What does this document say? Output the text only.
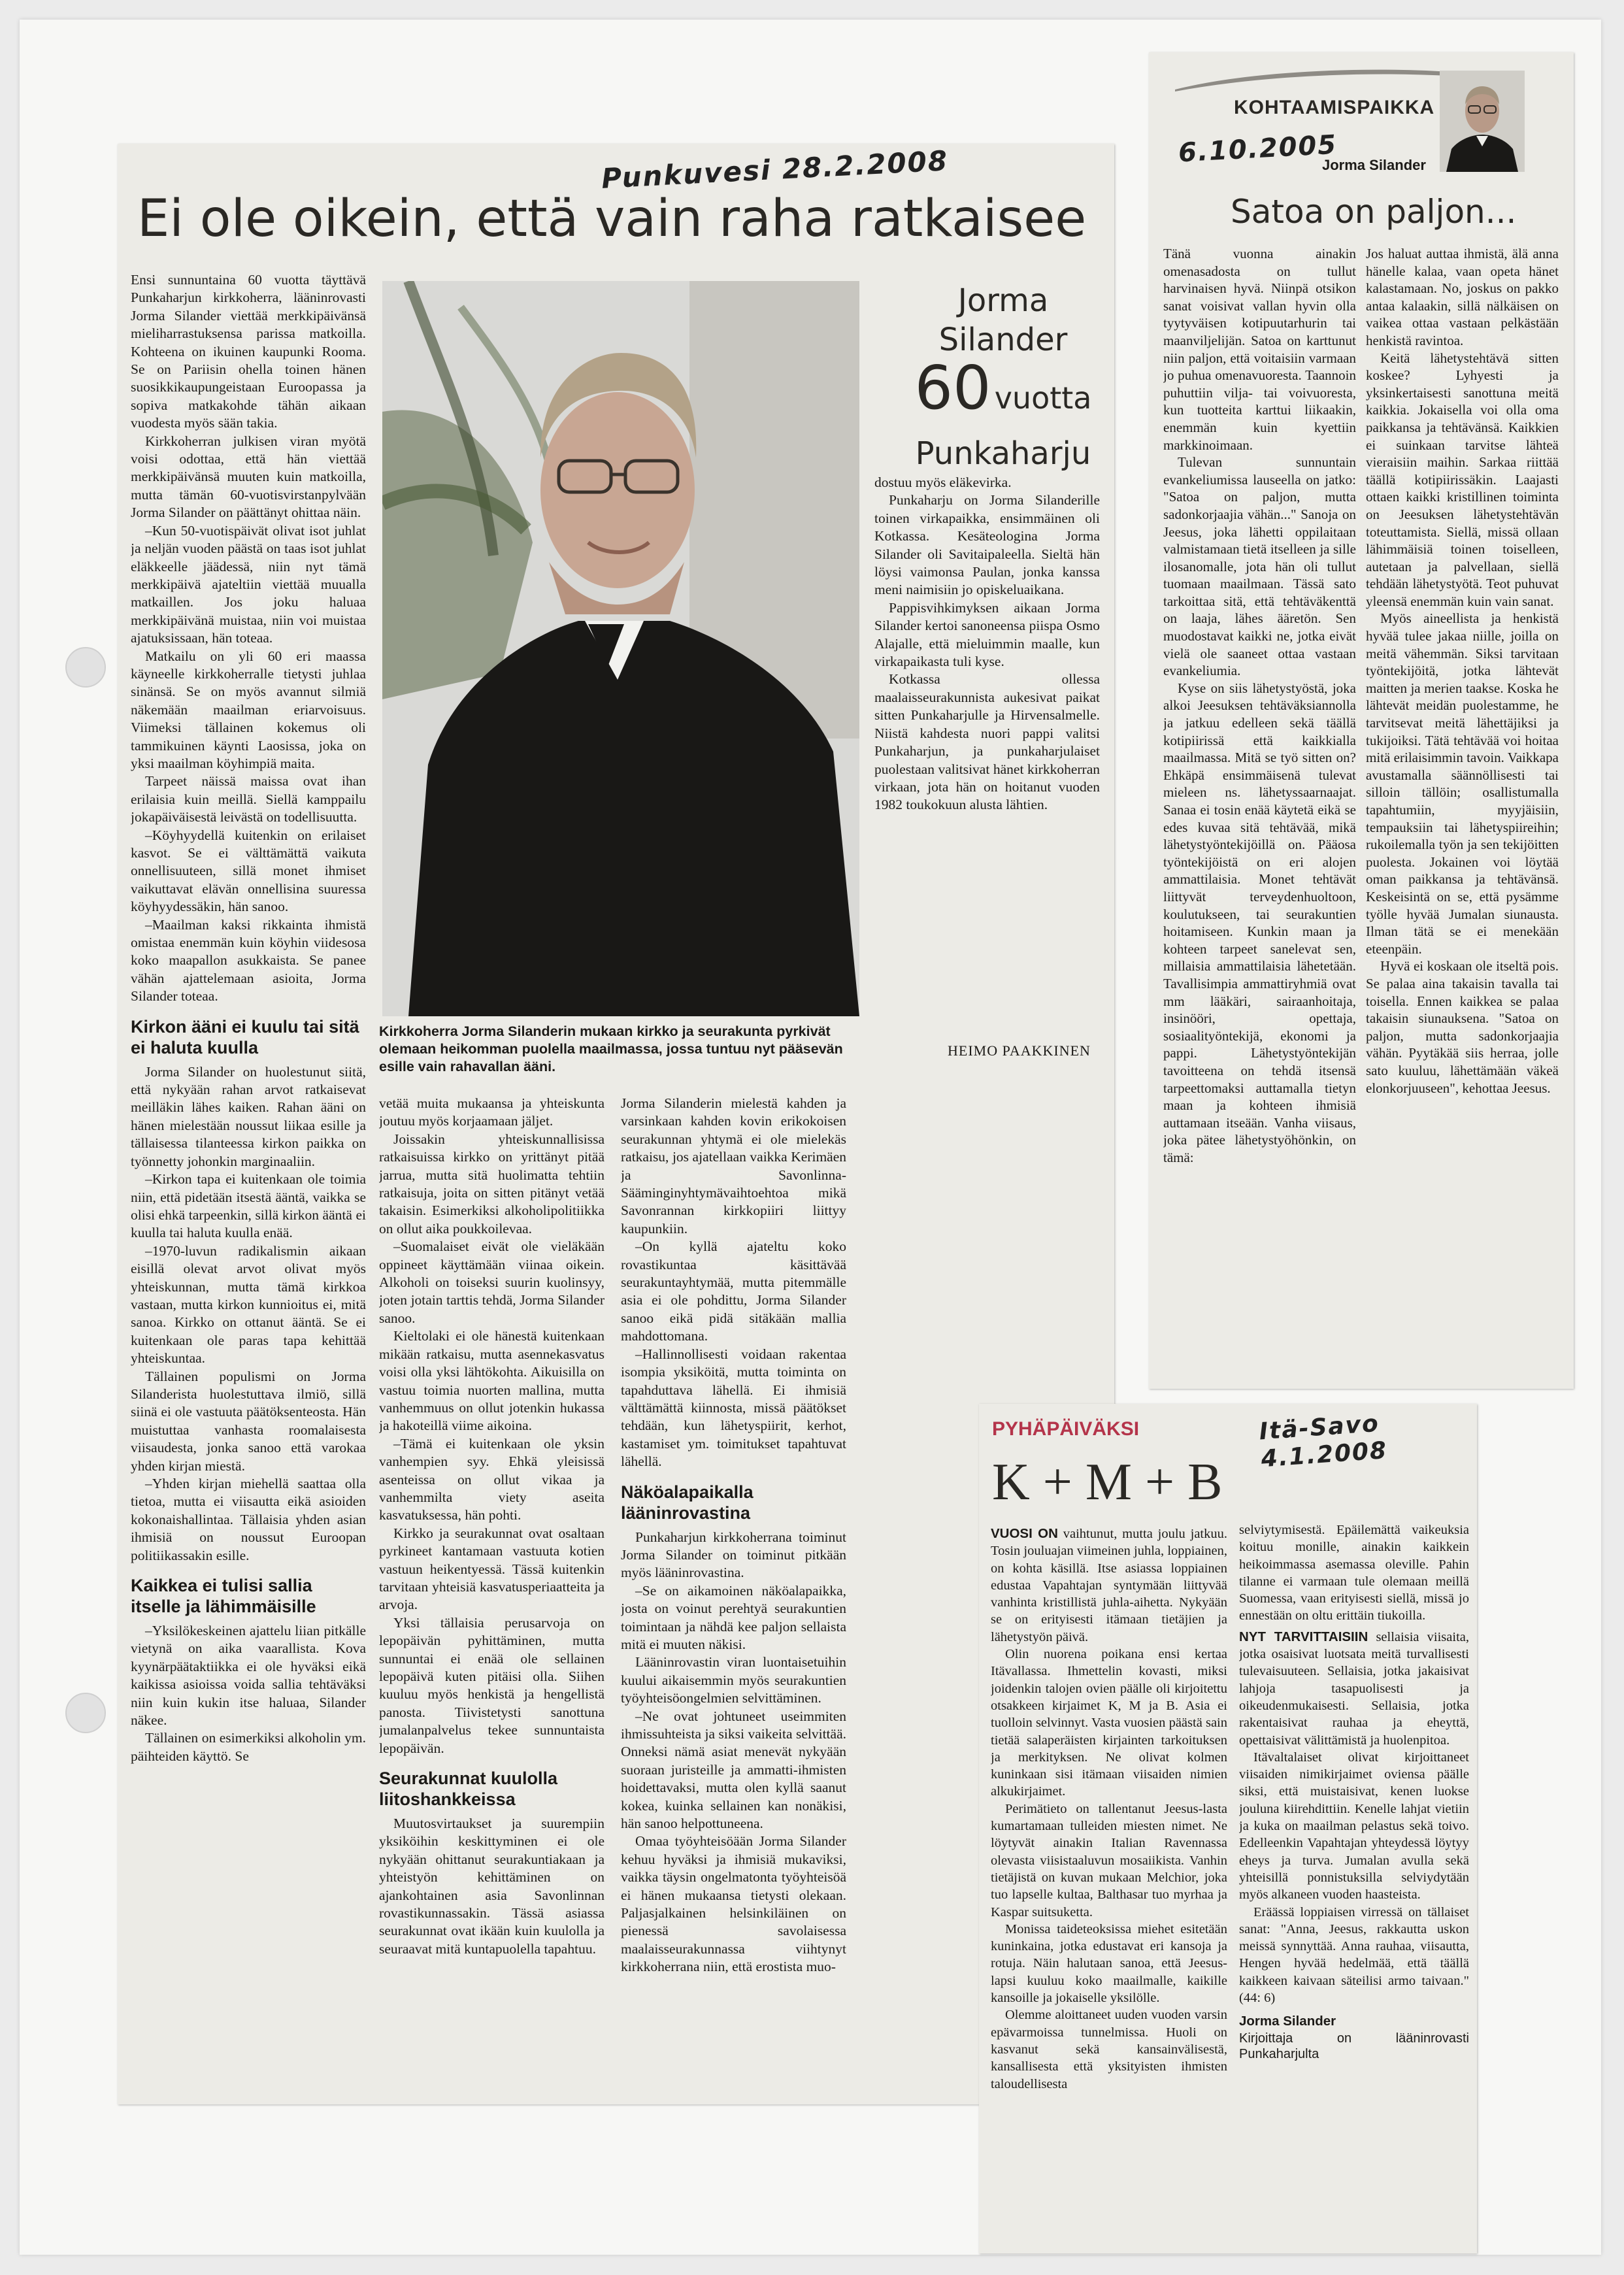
Punkuvesi 28.2.2008
Ei ole oikein, että vain raha ratkaisee

Ensi sunnuntaina 60 vuotta täyttävä Punkaharjun kirkkoherra, lääninrovasti Jorma Silander viettää merkkipäivänsä mieliharrastuksensa parissa matkoilla. Kohteena on ikuinen kaupunki Rooma. Se on Pariisin ohella toinen hänen suosikkikaupungeistaan Euroopassa ja sopiva matkakohde tähän aikaan vuodesta myös sään takia.

Kirkkoherran julkisen viran myötä voisi odottaa, että hän viettää merkkipäivänsä muuten kuin matkoilla, mutta tämän 60-vuotisvirstanpylvään Jorma Silander on päättänyt ohittaa näin.

–Kun 50-vuotispäivät olivat isot juhlat ja neljän vuoden päästä on taas isot juhlat eläkkeelle jäädessä, niin nyt tämä merkkipäivä ajateltiin viettää muualla matkaillen. Jos joku haluaa merkkipäivänä muistaa, niin voi muistaa ajatuksissaan, hän toteaa.

Matkailu on yli 60 eri maassa käyneelle kirkkoherralle tietysti juhlaa sinänsä. Se on myös avannut silmiä näkemään maailman eriarvoisuus. Viimeksi tällainen kokemus oli tammikuinen käynti Laosissa, joka on yksi maailman köyhimpiä maita.

Tarpeet näissä maissa ovat ihan erilaisia kuin meillä. Siellä kamppailu jokapäiväisestä leivästä on todellisuutta.

–Köyhyydellä kuitenkin on erilaiset kasvot. Se ei välttämättä vaikuta onnellisuuteen, sillä monet ihmiset vaikuttavat elävän onnellisina suuressa köyhyydessäkin, hän sanoo.

–Maailman kaksi rikkainta ihmistä omistaa enemmän kuin köyhin viidesosa koko maapallon asukkaista. Se panee vähän ajattelemaan asioita, Jorma Silander toteaa.

Kirkon ääni ei kuulu tai sitä ei haluta kuulla

Jorma Silander on huolestunut siitä, että nykyään rahan arvot ratkaisevat meilläkin lähes kaiken. Rahan ääni on hänen mielestään noussut liikaa esille ja tällaisessa tilanteessa kirkon paikka on työnnetty johonkin marginaaliin.

–Kirkon tapa ei kuitenkaan ole toimia niin, että pidetään itsestä ääntä, vaikka se olisi ehkä tarpeenkin, sillä kirkon ääntä ei kuulla tai haluta kuulla enää.

–1970-luvun radikalismin aikaan eisillä olevat arvot olivat myös yhteiskunnan, mutta tämä kirkkoa vastaan, mutta kirkon kunnioitus ei, mitä sanoa. Kirkko on ottanut ääntä. Se ei kuitenkaan ole paras tapa kehittää yhteiskuntaa.

Tällainen populismi on Jorma Silanderista huolestuttava ilmiö, sillä siinä ei ole vastuuta päätöksenteosta. Hän muistuttaa vanhasta roomalaisesta viisaudesta, jonka sanoo että varokaa yhden kirjan miestä.

–Yhden kirjan miehellä saattaa olla tietoa, mutta ei viisautta eikä asioiden kokonaishallintaa. Tällaisia yhden asian ihmisiä on noussut Euroopan politiikassakin esille.

Kaikkea ei tulisi sallia itselle ja lähimmäisille

–Yksilökeskeinen ajattelu liian pitkälle vietynä on aika vaarallista. Kova kyynärpäätaktiikka ei ole hyväksi eikä kaikissa asioissa voida sallia tehtäväksi niin kuin kukin itse haluaa, Silander näkee.

Tällainen on esimerkiksi alkoholin ym. päihteiden käyttö. Se

Jorma Silander
60 vuotta
Punkaharju

dostuu myös eläkevirka.

Punkaharju on Jorma Silanderille toinen virkapaikka, ensimmäinen oli Kotkassa. Kesäteologina Jorma Silander oli Savitaipaleella. Sieltä hän löysi vaimonsa Paulan, jonka kanssa meni naimisiin jo opiskeluaikana.

Pappisvihkimyksen aikaan Jorma Silander kertoi sanoneensa piispa Osmo Alajalle, että mieluimmin maalle, kun virkapaikasta tuli kyse.

Kotkassa ollessa maalaisseurakunnista aukesivat paikat sitten Punkaharjulle ja Hirvensalmelle. Niistä kahdesta nuori pappi valitsi Punkaharjun, ja punkaharjulaiset puolestaan valitsivat hänet kirkkoherran virkaan, jota hän on hoitanut vuoden 1982 toukokuun alusta lähtien.

HEIMO PAAKKINEN
Kirkkoherra Jorma Silanderin mukaan kirkko ja seurakunta pyrkivät olemaan heikomman puolella maailmassa, jossa tuntuu nyt pääsevän esille vain rahavallan ääni.

vetää muita mukaansa ja yhteiskunta joutuu myös korjaamaan jäljet.

Joissakin yhteiskunnallisissa ratkaisuissa kirkko on yrittänyt pitää jarrua, mutta sitä huolimatta tehtiin ratkaisuja, joita on sitten pitänyt vetää takaisin. Esimerkiksi alkoholipolitiikka on ollut aika poukkoilevaa.

–Suomalaiset eivät ole vieläkään oppineet käyttämään viinaa oikein. Alkoholi on toiseksi suurin kuolinsyy, joten jotain tarttis tehdä, Jorma Silander sanoo.

Kieltolaki ei ole hänestä kuitenkaan mikään ratkaisu, mutta asennekasvatus voisi olla yksi lähtökohta. Aikuisilla on vastuu toimia nuorten mallina, mutta vanhemmuus on ollut jotenkin hukassa ja hakoteillä viime aikoina.

–Tämä ei kuitenkaan ole yksin vanhempien syy. Ehkä yleisissä asenteissa on ollut vikaa ja vanhemmilta viety aseita kasvatuksessa, hän pohti.

Kirkko ja seurakunnat ovat osaltaan pyrkineet kantamaan vastuuta kotien vastuun heikentyessä. Tässä kuitenkin tarvitaan yhteisiä kasvatusperiaatteita ja arvoja.

Yksi tällaisia perusarvoja on lepopäivän pyhittäminen, mutta sunnuntai ei enää ole sellainen lepopäivä kuten pitäisi olla. Siihen kuuluu myös henkistä ja hengellistä panosta. Tiivistetysti sanottuna jumalanpalvelus tekee sunnuntaista lepopäivän.

Seurakunnat kuulolla liitoshankkeissa

Muutosvirtaukset ja suurempiin yksiköihin keskittyminen ei ole nykyään ohittanut seurakuntiakaan ja yhteistyön kehittäminen on ajankohtainen asia Savonlinnan rovastikunnassakin. Tässä asiassa seurakunnat ovat ikään kuin kuulolla ja seuraavat mitä kuntapuolella tapahtuu.

Jorma Silanderin mielestä kahden ja varsinkaan kahden kovin erikokoisen seurakunnan yhtymä ei ole mielekäs ratkaisu, jos ajatellaan vaikka Kerimäen ja Savonlinna-Sääminginyhtymävaihtoehtoa mikä Savonrannan kirkkopiiri liittyy kaupunkiin.

–On kyllä ajateltu koko rovastikuntaa käsittävää seurakuntayhtymää, mutta pitemmälle asia ei ole pohdittu, Jorma Silander sanoo eikä pidä sitäkään mallia mahdottomana.

–Hallinnollisesti voidaan rakentaa isompia yksiköitä, mutta toiminta on tapahduttava lähellä. Ei ihmisiä välttämättä kiinnosta, missä päätökset tehdään, kun lähetyspiirit, kerhot, kastamiset ym. toimitukset tapahtuvat lähellä.

Näköalapaikalla lääninrovastina

Punkaharjun kirkkoherrana toiminut Jorma Silander on toiminut pitkään myös lääninrovastina.

–Se on aikamoinen näköalapaikka, josta on voinut perehtyä seurakuntien toimintaan ja nähdä kee paljon sellaista mitä ei muuten näkisi.

Lääninrovastin viran luontaisetuihin kuului aikaisemmin myös seurakuntien työyhteisöongelmien selvittäminen.

–Ne ovat johtuneet useimmiten ihmissuhteista ja siksi vaikeita selvittää. Onneksi nämä asiat menevät nykyään suoraan juristeille ja ammatti-ihmisten hoidettavaksi, mutta olen kyllä saanut kokea, kuinka sellainen kan nonäkisi, hän sanoo helpottuneena.

Omaa työyhteisöään Jorma Silander kehuu hyväksi ja ihmisiä mukaviksi, vaikka täysin ongelmatonta työyhteisöä ei hänen mukaansa tietysti olekaan. Paljasjalkainen helsinkiläinen on pienessä savolaisessa maalaisseurakunnassa viihtynyt kirkkoherrana niin, että erostista muo-

KOHTAAMISPAIKKA
6.10.2005
Jorma Silander
Satoa on paljon...

Tänä vuonna ainakin omenasadosta on tullut harvinaisen hyvä. Niinpä otsikon sanat voisivat vallan hyvin olla tyytyväisen kotipuutarhurin tai maanviljelijän. Satoa on karttunut niin paljon, että voitaisiin varmaan jo puhua omenavuoresta. Taannoin puhuttiin vilja- tai voivuoresta, kun tuotteita karttui liikaakin, enemmän kuin kyettiin markkinoimaan.

Tulevan sunnuntain evankeliumissa lauseella on jatko: "Satoa on paljon, mutta sadonkorjaajia vähän..." Sanoja on Jeesus, joka lähetti oppilaitaan valmistamaan tietä itselleen ja sille ilosanomalle, jota hän oli tullut tuomaan maailmaan. Tässä sato tarkoittaa sitä, että tehtäväkenttä on laaja, lähes ääretön. Sen muodostavat kaikki ne, jotka eivät vielä ole saaneet ottaa vastaan evankeliumia.

Kyse on siis lähetystyöstä, joka alkoi Jeesuksen tehtäväksiannolla ja jatkuu edelleen sekä täällä kotipiirissä että kaikkialla maailmassa. Mitä se työ sitten on? Ehkäpä ensimmäisenä tulevat mieleen ns. lähetyssaarnaajat. Sanaa ei tosin enää käytetä eikä se edes kuvaa sitä tehtävää, mikä lähetystyöntekijöillä on. Pääosa työntekijöistä on eri alojen ammattilaisia. Monet tehtävät liittyvät terveydenhuoltoon, koulutukseen, tai seurakuntien hoitamiseen. Kunkin maan ja kohteen tarpeet sanelevat sen, millaisia ammattilaisia lähetetään. Tavallisimpia ammattiryhmiä ovat mm lääkäri, sairaanhoitaja, insinööri, opettaja, sosiaalityöntekijä, ekonomi ja pappi. Lähetystyöntekijän tavoitteena on tehdä itsensä tarpeettomaksi auttamalla tietyn maan ja kohteen ihmisiä auttamaan itseään. Vanha viisaus, joka pätee lähetystyöhönkin, on tämä:

Jos haluat auttaa ihmistä, älä anna hänelle kalaa, vaan opeta hänet kalastamaan. No, joskus on pakko antaa kalaakin, sillä nälkäisen on vaikea ottaa vastaan pelkästään henkistä ravintoa.

Keitä lähetystehtävä sitten koskee? Lyhyesti ja yksinkertaisesti sanottuna meitä kaikkia. Jokaisella voi olla oma paikkansa ja tehtävänsä. Kaikkien ei suinkaan tarvitse lähteä vieraisiin maihin. Sarkaa riittää täällä kotipiirissäkin. Laajasti ottaen kaikki kristillinen toiminta on Jeesuksen lähetystehtävän toteuttamista. Siellä, missä ollaan lähimmäisiä toinen toiselleen, autetaan ja palvellaan, siellä tehdään lähetystyötä. Teot puhuvat yleensä enemmän kuin vain sanat.

Myös aineellista ja henkistä hyvää tulee jakaa niille, joilla on meitä vähemmän. Siksi tarvitaan työntekijöitä, jotka lähtevät maitten ja merien taakse. Koska he lähtevät meidän puolestamme, he tarvitsevat meitä lähettäjiksi ja tukijoiksi. Tätä tehtävää voi hoitaa mitä erilaisimmin tavoin. Vaikkapa avustamalla säännöllisesti tai silloin tällöin; osallistumalla tapahtumiin, myyjäisiin, tempauksiin tai lähetyspiireihin; rukoilemalla työn ja sen tekijöitten puolesta. Jokainen voi löytää oman paikkansa ja tehtävänsä. Keskeisintä on se, että pysämme työlle hyvää Jumalan siunausta. Ilman tätä se ei menekään eteenpäin.

Hyvä ei koskaan ole itseltä pois. Se palaa aina takaisin tavalla tai toisella. Ennen kaikkea se palaa takaisin siunauksena. "Satoa on paljon, mutta sadonkorjaajia vähän. Pyytäkää siis herraa, jolle sato kuuluu, lähettämään väkeä elonkorjuuseen", kehottaa Jeesus.

PYHÄPÄIVÄKSI	Itä-Savo 4.1.2008
K + M + B

VUOSI ON vaihtunut, mutta joulu jatkuu. Tosin jouluajan viimeinen juhla, loppiainen, on kohta käsillä. Itse asiassa loppiainen edustaa Vapahtajan syntymään liittyvää vanhinta kristillistä juhla-aihetta. Nykyään se on erityisesti itämaan tietäjien ja lähetystyön päivä.

Olin nuorena poikana ensi kertaa Itävallassa. Ihmettelin kovasti, miksi joidenkin talojen ovien päälle oli kirjoitettu otsakkeen kirjaimet K, M ja B. Asia ei tuolloin selvinnyt. Vasta vuosien päästä sain tietää salaperäisten kirjainten tarkoituksen ja merkityksen. Ne olivat kolmen kuninkaan sisi itämaan viisaiden nimien alkukirjaimet.

Perimätieto on tallentanut Jeesus-lasta kumartamaan tulleiden miesten nimet. Ne löytyvät ainakin Italian Ravennassa olevasta viisistaaluvun mosaiikista. Vanhin tietäjistä on kuvan mukaan Melchior, joka tuo lapselle kultaa, Balthasar tuo myrhaa ja Kaspar suitsuketta.

Monissa taideteoksissa miehet esitetään kuninkaina, jotka edustavat eri kansoja ja rotuja. Näin halutaan sanoa, että Jeesus-lapsi kuuluu koko maailmalle, kaikille kansoille ja jokaiselle yksilölle.

Olemme aloittaneet uuden vuoden varsin epävarmoissa tunnelmissa. Huoli on kasvanut sekä kansainvälisestä, kansallisesta että yksityisten ihmisten taloudellisesta

selviytymisestä. Epäilemättä vaikeuksia koituu monille, ainakin kaikkein heikoimmassa asemassa oleville. Pahin tilanne ei varmaan tule olemaan meillä Suomessa, vaan erityisesti siellä, missä jo ennestään on oltu erittäin tiukoilla.

NYT TARVITTAISIIN sellaisia viisaita, jotka osaisivat luotsata meitä turvallisesti tulevaisuuteen. Sellaisia, jotka jakaisivat lahjoja tasapuolisesti ja oikeudenmukaisesti. Sellaisia, jotka rakentaisivat rauhaa ja eheyttä, opettaisivat välittämistä ja huolenpitoa.

Itävaltalaiset olivat kirjoittaneet viisaiden nimikirjaimet oviensa päälle siksi, että muistaisivat, kenen luokse jouluna kiirehdittiin. Kenelle lahjat vietiin ja kuka on maailman pelastus sekä toivo. Edelleenkin Vapahtajan yhteydessä löytyy eheys ja turva. Jumalan avulla sekä yhteisillä ponnistuksilla selviydytään myös alkaneen vuoden haasteista.

Eräässä loppiaisen virressä on tällaiset sanat: "Anna, Jeesus, rakkautta uskon meissä synnyttää. Anna rauhaa, viisautta, Hengen hyvää hedelmää, että täällä kaikkeen kaivaan säteilisi armo taivaan." (44: 6)

Jorma Silander
Kirjoittaja on lääninrovasti Punkaharjulta
